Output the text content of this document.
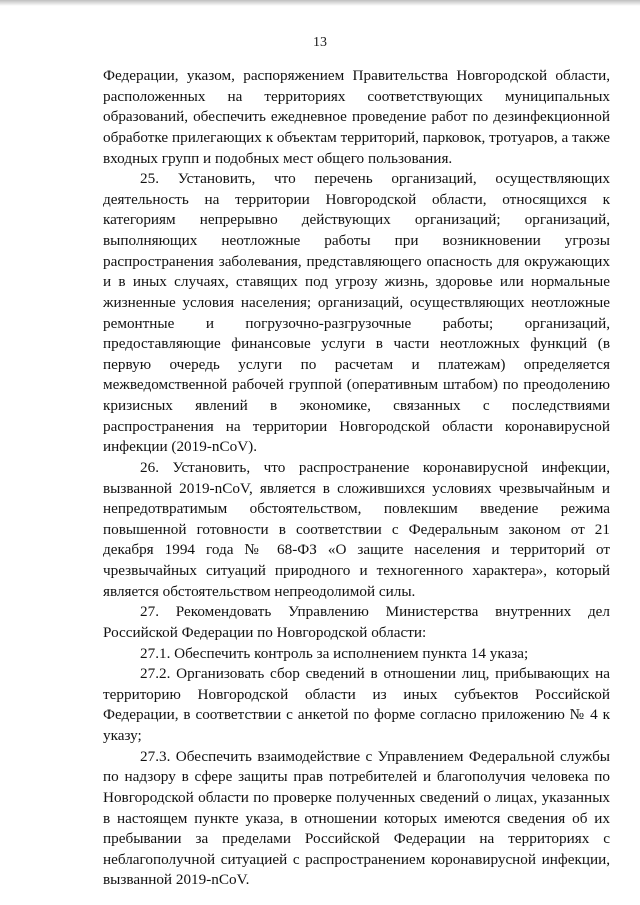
13

Федерации, указом, распоряжением Правительства Новгородской области, расположенных на территориях соответствующих муниципальных образований, обеспечить ежедневное проведение работ по дезинфекционной обработке прилегающих к объектам территорий, парковок, тротуаров, а также входных групп и подобных мест общего пользования.

25. Установить, что перечень организаций, осуществляющих деятельность на территории Новгородской области, относящихся к категориям непрерывно действующих организаций; организаций, выполняющих неотложные работы при возникновении угрозы распространения заболевания, представляющего опасность для окружающих и в иных случаях, ставящих под угрозу жизнь, здоровье или нормальные жизненные условия населения; организаций, осуществляющих неотложные ремонтные и погрузочно-разгрузочные работы; организаций, предоставляющие финансовые услуги в части неотложных функций (в первую очередь услуги по расчетам и платежам) определяется межведомственной рабочей группой (оперативным штабом) по преодолению кризисных явлений в экономике, связанных с последствиями распространения на территории Новгородской области коронавирусной инфекции (2019-nCoV).

26. Установить, что распространение коронавирусной инфекции, вызванной 2019-nCoV, является в сложившихся условиях чрезвычайным и непредотвратимым обстоятельством, повлекшим введение режима повышенной готовности в соответствии с Федеральным законом от 21 декабря 1994 года № 68-ФЗ «О защите населения и территорий от чрезвычайных ситуаций природного и техногенного характера», который является обстоятельством непреодолимой силы.

27. Рекомендовать Управлению Министерства внутренних дел Российской Федерации по Новгородской области:

27.1. Обеспечить контроль за исполнением пункта 14 указа;

27.2. Организовать сбор сведений в отношении лиц, прибывающих на территорию Новгородской области из иных субъектов Российской Федерации, в соответствии с анкетой по форме согласно приложению № 4 к указу;

27.3. Обеспечить взаимодействие с Управлением Федеральной службы по надзору в сфере защиты прав потребителей и благополучия человека по Новгородской области по проверке полученных сведений о лицах, указанных в настоящем пункте указа, в отношении которых имеются сведения об их пребывании за пределами Российской Федерации на территориях с неблагополучной ситуацией с распространением коронавирусной инфекции, вызванной 2019-nCoV.
